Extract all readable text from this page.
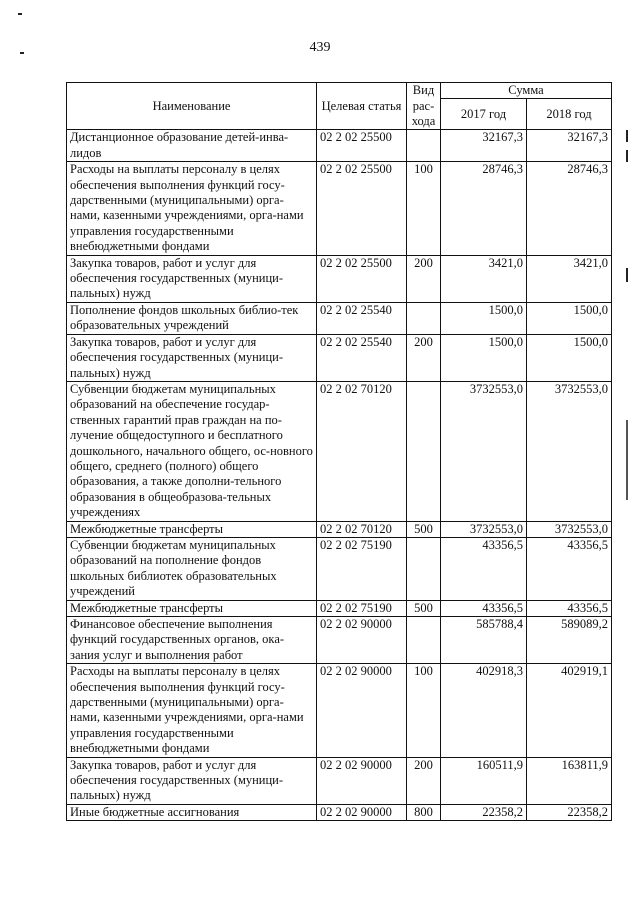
439
Наименование	Целевая статья	Вид рас-хода	Сумма	
			2017 год	2018 год
Дистанционное образование детей-инва-лидов	02 2 02 25500		32167,3	32167,3
Расходы на выплаты персоналу в целях обеспечения выполнения функций госу-дарственными (муниципальными) орга-нами, казенными учреждениями, орга-нами управления государственными внебюджетными фондами	02 2 02 25500	100	28746,3	28746,3
Закупка товаров, работ и услуг для обеспечения государственных (муници-пальных) нужд	02 2 02 25500	200	3421,0	3421,0
Пополнение фондов школьных библио-тек образовательных учреждений	02 2 02 25540		1500,0	1500,0
Закупка товаров, работ и услуг для обеспечения государственных (муници-пальных) нужд	02 2 02 25540	200	1500,0	1500,0
Субвенции бюджетам муниципальных образований на обеспечение государ-ственных гарантий прав граждан на по-лучение общедоступного и бесплатного дошкольного, начального общего, ос-новного общего, среднего (полного) общего образования, а также дополни-тельного образования в общеобразова-тельных учреждениях	02 2 02 70120		3732553,0	3732553,0
Межбюджетные трансферты	02 2 02 70120	500	3732553,0	3732553,0
Субвенции бюджетам муниципальных образований на пополнение фондов школьных библиотек образовательных учреждений	02 2 02 75190		43356,5	43356,5
Межбюджетные трансферты	02 2 02 75190	500	43356,5	43356,5
Финансовое обеспечение выполнения функций государственных органов, ока-зания услуг и выполнения работ	02 2 02 90000		585788,4	589089,2
Расходы на выплаты персоналу в целях обеспечения выполнения функций госу-дарственными (муниципальными) орга-нами, казенными учреждениями, орга-нами управления государственными внебюджетными фондами	02 2 02 90000	100	402918,3	402919,1
Закупка товаров, работ и услуг для обеспечения государственных (муници-пальных) нужд	02 2 02 90000	200	160511,9	163811,9
Иные бюджетные ассигнования	02 2 02 90000	800	22358,2	22358,2
